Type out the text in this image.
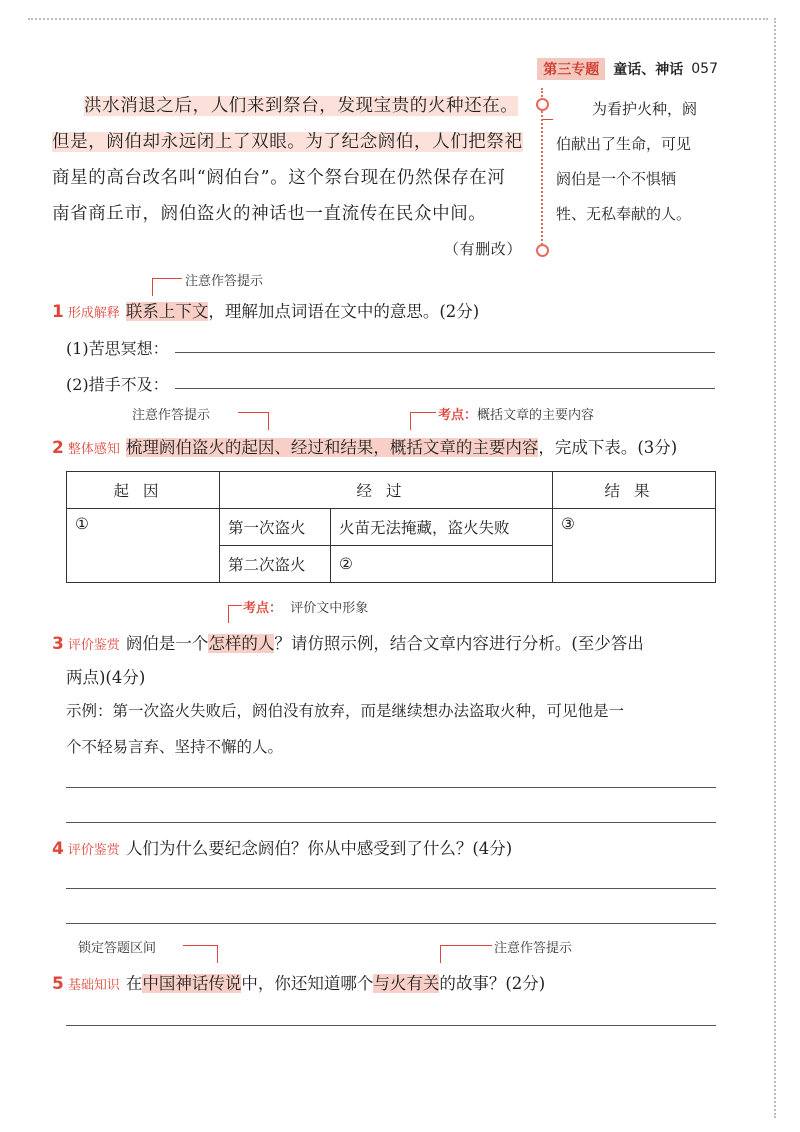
第三专题	童话、神话 057
洪水消退之后，人们来到祭台，发现宝贵的火种还在。
但是，阏伯却永远闭上了双眼。为了纪念阏伯，人们把祭祀
商星的高台改名叫“阏伯台”。这个祭台现在仍然保存在河
南省商丘市，阏伯盗火的神话也一直流传在民众中间。
（有删改）
为看护火种，阏
伯献出了生命，可见
阏伯是一个不惧牺
牲、无私奉献的人。
注意作答提示
1 形成解释 联系上下文，理解加点词语在文中的意思。(2分)
(1)苦思冥想：
(2)措手不及：
注意作答提示	考点：概括文章的主要内容
2 整体感知 梳理阏伯盗火的起因、经过和结果，概括文章的主要内容，完成下表。(3分)
起因	经过		结果
①	第一次盗火	火苗无法掩藏，盗火失败	③
	第二次盗火	②	
考点： 评价文中形象
3 评价鉴赏 阏伯是一个怎样的人？请仿照示例，结合文章内容进行分析。(至少答出
两点)(4分)
示例：第一次盗火失败后，阏伯没有放弃，而是继续想办法盗取火种，可见他是一
个不轻易言弃、坚持不懈的人。
4 评价鉴赏 人们为什么要纪念阏伯？你从中感受到了什么？(4分)
锁定答题区间	注意作答提示
5 基础知识 在中国神话传说中，你还知道哪个与火有关的故事？(2分)
